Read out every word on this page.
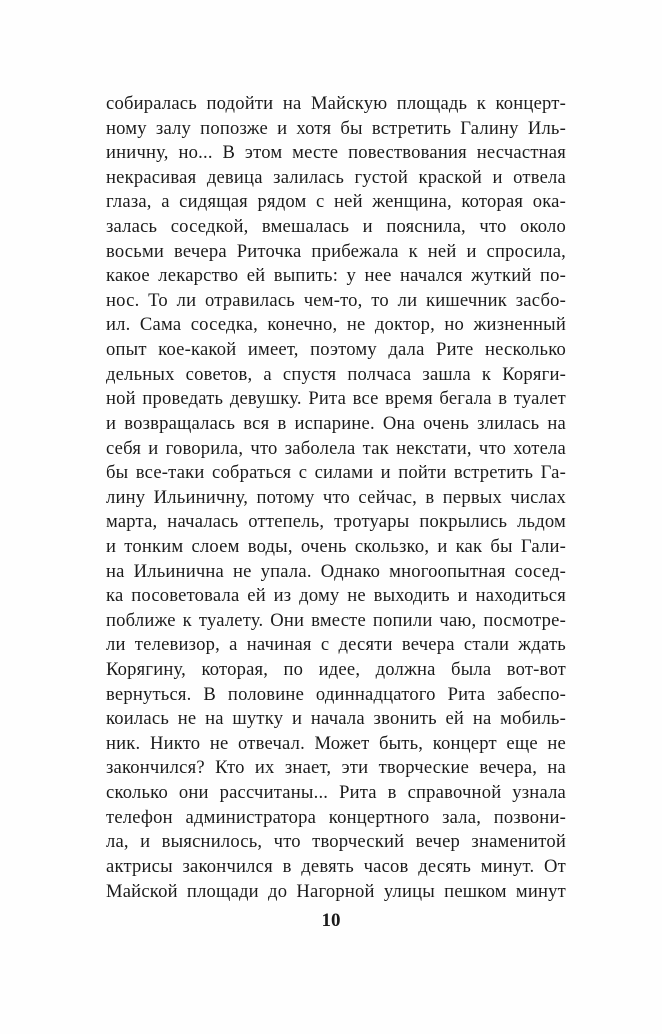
собиралась подойти на Майскую площадь к концерт-
ному залу попозже и хотя бы встретить Галину Иль-
иничну, но... В этом месте повествования несчастная
некрасивая девица залилась густой краской и отвела
глаза, а сидящая рядом с ней женщина, которая ока-
залась соседкой, вмешалась и пояснила, что около
восьми вечера Риточка прибежала к ней и спросила,
какое лекарство ей выпить: у нее начался жуткий по-
нос. То ли отравилась чем-то, то ли кишечник засбо-
ил. Сама соседка, конечно, не доктор, но жизненный
опыт кое-какой имеет, поэтому дала Рите несколько
дельных советов, а спустя полчаса зашла к Коряги-
ной проведать девушку. Рита все время бегала в туалет
и возвращалась вся в испарине. Она очень злилась на
себя и говорила, что заболела так некстати, что хотела
бы все-таки собраться с силами и пойти встретить Га-
лину Ильиничну, потому что сейчас, в первых числах
марта, началась оттепель, тротуары покрылись льдом
и тонким слоем воды, очень скользко, и как бы Гали-
на Ильинична не упала. Однако многоопытная сосед-
ка посоветовала ей из дому не выходить и находиться
поближе к туалету. Они вместе попили чаю, посмотре-
ли телевизор, а начиная с десяти вечера стали ждать
Корягину, которая, по идее, должна была вот-вот
вернуться. В половине одиннадцатого Рита забеспо-
коилась не на шутку и начала звонить ей на мобиль-
ник. Никто не отвечал. Может быть, концерт еще не
закончился? Кто их знает, эти творческие вечера, на
сколько они рассчитаны... Рита в справочной узнала
телефон администратора концертного зала, позвони-
ла, и выяснилось, что творческий вечер знаменитой
актрисы закончился в девять часов десять минут. От
Майской площади до Нагорной улицы пешком минут
10
